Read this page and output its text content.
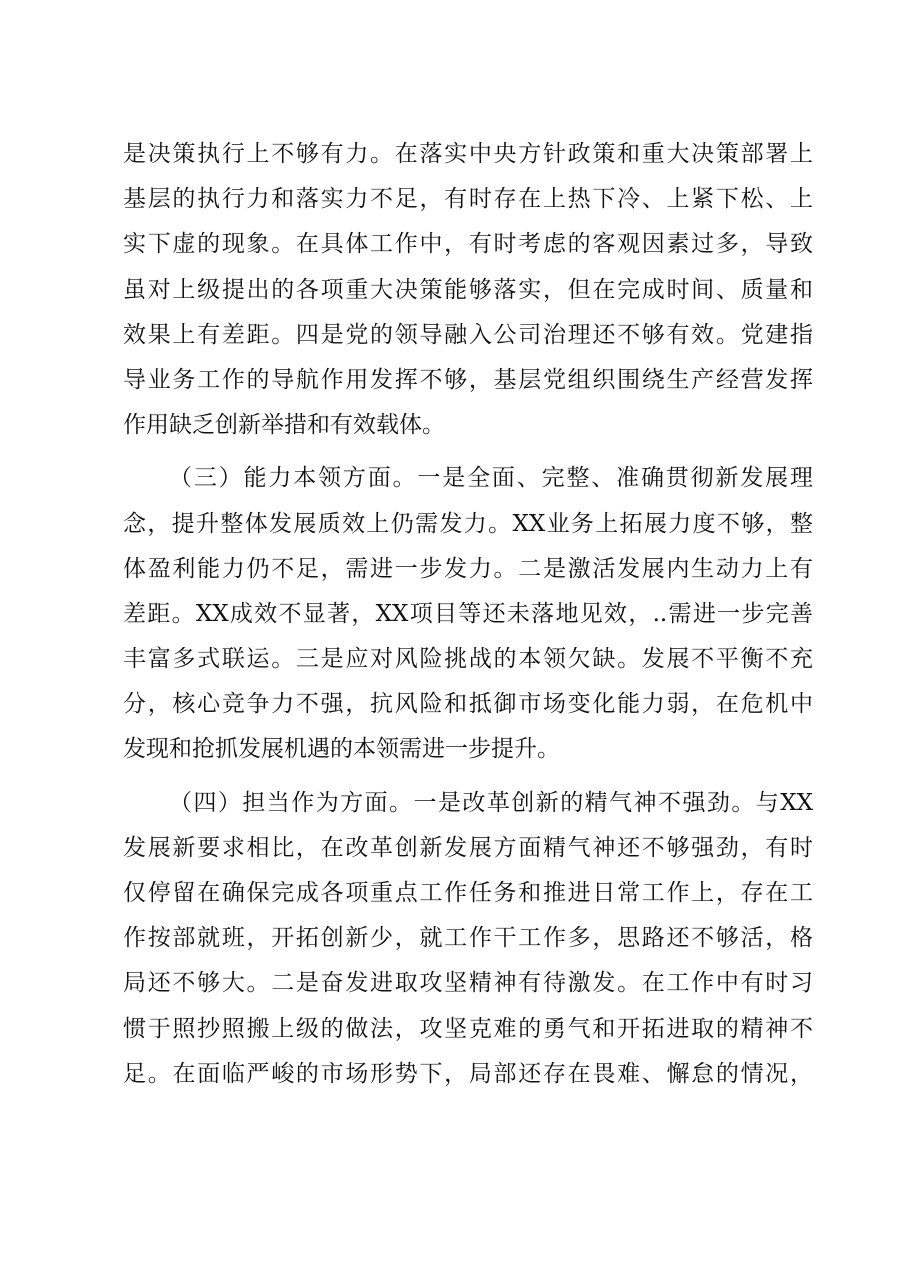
是决策执行上不够有力。在落实中央方针政策和重大决策部署上
基层的执行力和落实力不足，有时存在上热下冷、上紧下松、上
实下虚的现象。在具体工作中，有时考虑的客观因素过多，导致
虽对上级提出的各项重大决策能够落实，但在完成时间、质量和
效果上有差距。四是党的领导融入公司治理还不够有效。党建指
导业务工作的导航作用发挥不够，基层党组织围绕生产经营发挥
作用缺乏创新举措和有效载体。
（三）能力本领方面。一是全面、完整、准确贯彻新发展理
念，提升整体发展质效上仍需发力。XX业务上拓展力度不够，整
体盈利能力仍不足，需进一步发力。二是激活发展内生动力上有
差距。XX成效不显著，XX项目等还未落地见效，..需进一步完善
丰富多式联运。三是应对风险挑战的本领欠缺。发展不平衡不充
分，核心竞争力不强，抗风险和抵御市场变化能力弱，在危机中
发现和抢抓发展机遇的本领需进一步提升。
（四）担当作为方面。一是改革创新的精气神不强劲。与XX
发展新要求相比，在改革创新发展方面精气神还不够强劲，有时
仅停留在确保完成各项重点工作任务和推进日常工作上，存在工
作按部就班，开拓创新少，就工作干工作多，思路还不够活，格
局还不够大。二是奋发进取攻坚精神有待激发。在工作中有时习
惯于照抄照搬上级的做法，攻坚克难的勇气和开拓进取的精神不
足。在面临严峻的市场形势下，局部还存在畏难、懈怠的情况，
